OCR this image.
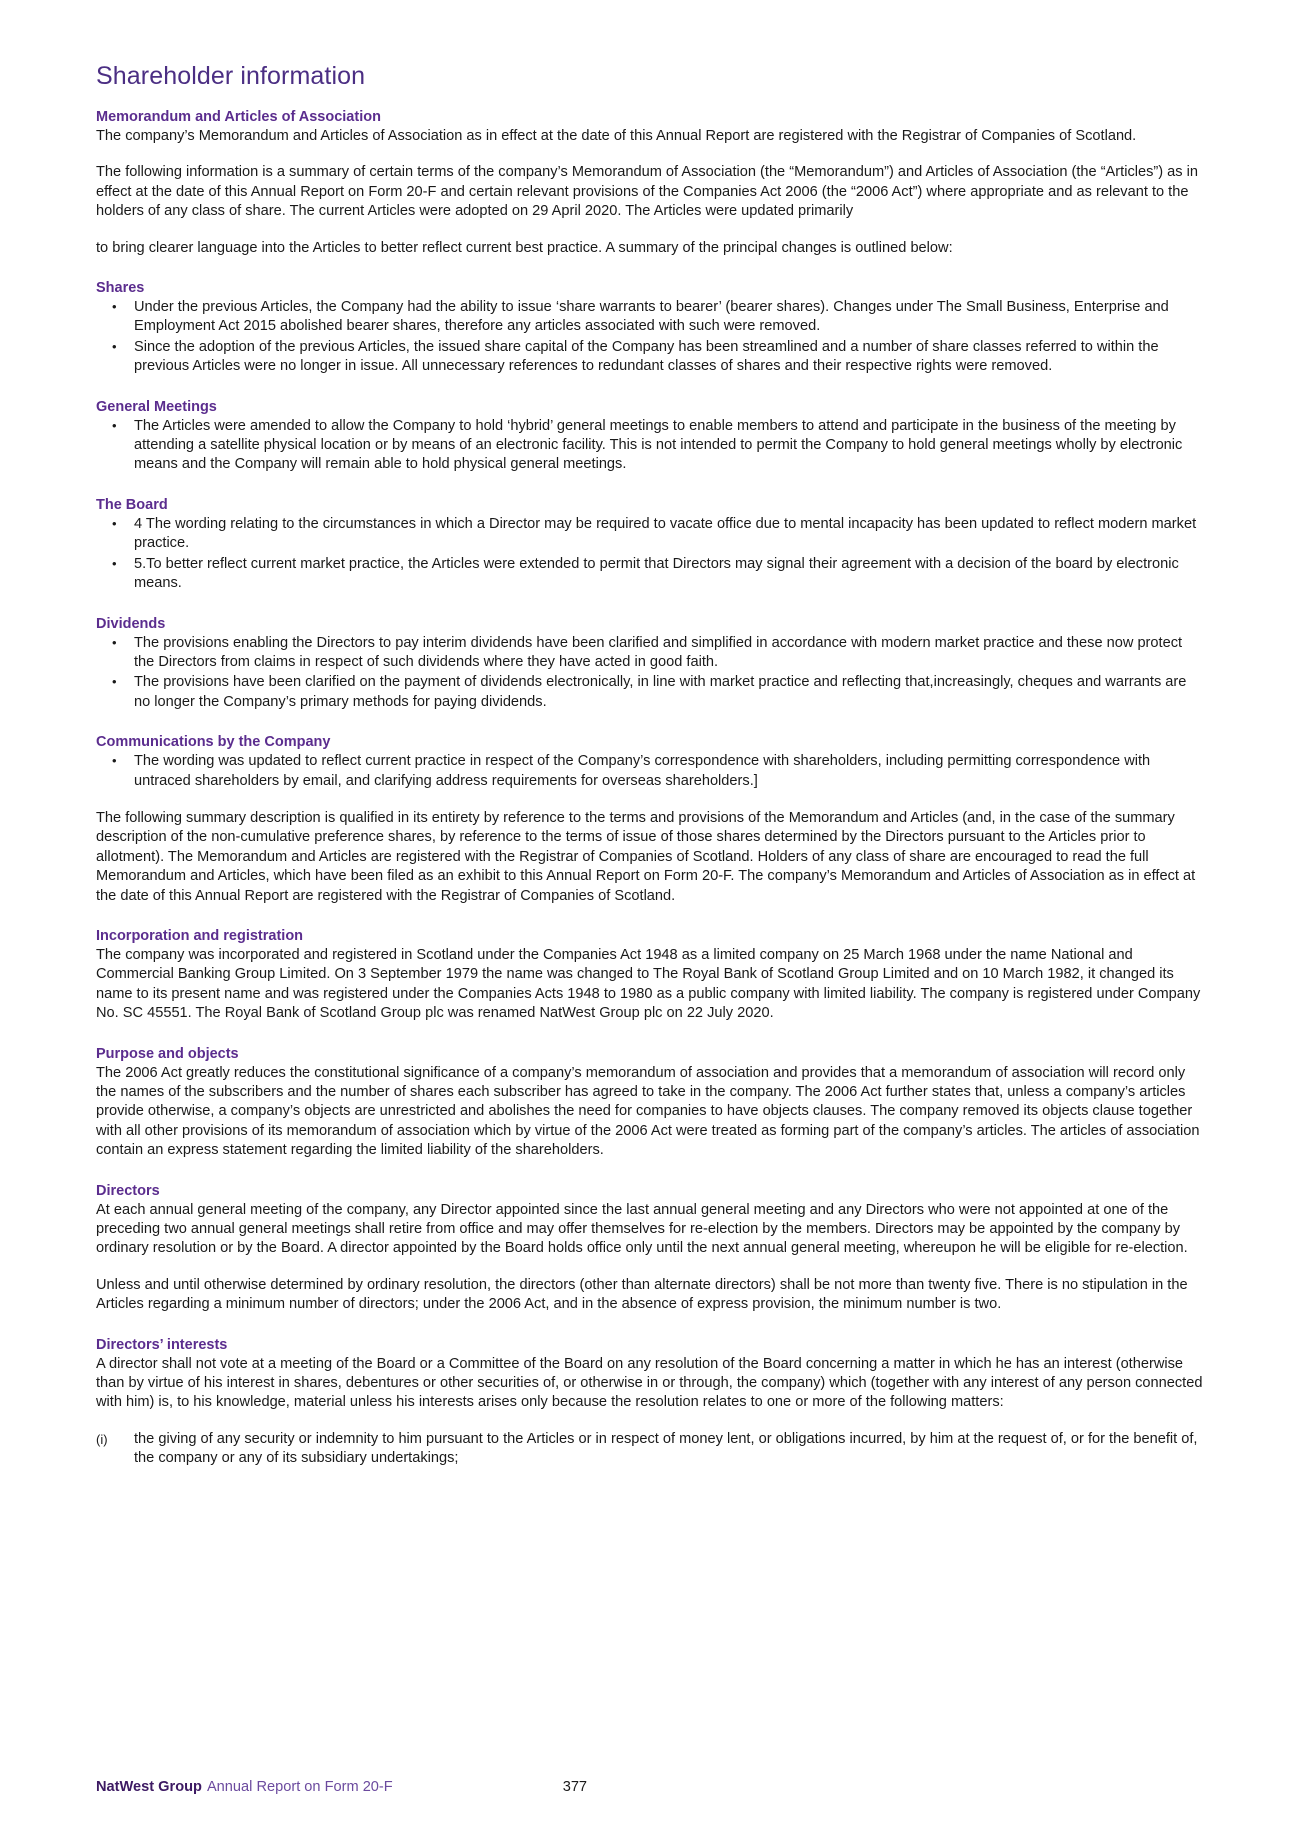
Shareholder information
Memorandum and Articles of Association

The company’s Memorandum and Articles of Association as in effect at the date of this Annual Report are registered with the Registrar of Companies of Scotland.

The following information is a summary of certain terms of the company’s Memorandum of Association (the “Memorandum”) and Articles of Association (the “Articles”) as in effect at the date of this Annual Report on Form 20-F and certain relevant provisions of the Companies Act 2006 (the “2006 Act”) where appropriate and as relevant to the holders of any class of share. The current Articles were adopted on 29 April 2020. The Articles were updated primarily

to bring clearer language into the Articles to better reflect current best practice. A summary of the principal changes is outlined below:

Shares
• Under the previous Articles, the Company had the ability to issue ‘share warrants to bearer’ (bearer shares). Changes under The Small Business, Enterprise and Employment Act 2015 abolished bearer shares, therefore any articles associated with such were removed.
• Since the adoption of the previous Articles, the issued share capital of the Company has been streamlined and a number of share classes referred to within the previous Articles were no longer in issue. All unnecessary references to redundant classes of shares and their respective rights were removed.
General Meetings
• The Articles were amended to allow the Company to hold ‘hybrid’ general meetings to enable members to attend and participate in the business of the meeting by attending a satellite physical location or by means of an electronic facility. This is not intended to permit the Company to hold general meetings wholly by electronic means and the Company will remain able to hold physical general meetings.
The Board
• 4 The wording relating to the circumstances in which a Director may be required to vacate office due to mental incapacity has been updated to reflect modern market practice.
• 5.To better reflect current market practice, the Articles were extended to permit that Directors may signal their agreement with a decision of the board by electronic means.
Dividends
• The provisions enabling the Directors to pay interim dividends have been clarified and simplified in accordance with modern market practice and these now protect the Directors from claims in respect of such dividends where they have acted in good faith.
• The provisions have been clarified on the payment of dividends electronically, in line with market practice and reflecting that,increasingly, cheques and warrants are no longer the Company’s primary methods for paying dividends.
Communications by the Company
• The wording was updated to reflect current practice in respect of the Company’s correspondence with shareholders, including permitting correspondence with untraced shareholders by email, and clarifying address requirements for overseas shareholders.]

The following summary description is qualified in its entirety by reference to the terms and provisions of the Memorandum and Articles (and, in the case of the summary description of the non-cumulative preference shares, by reference to the terms of issue of those shares determined by the Directors pursuant to the Articles prior to allotment). The Memorandum and Articles are registered with the Registrar of Companies of Scotland. Holders of any class of share are encouraged to read the full Memorandum and Articles, which have been filed as an exhibit to this Annual Report on Form 20-F. The company’s Memorandum and Articles of Association as in effect at the date of this Annual Report are registered with the Registrar of Companies of Scotland.

Incorporation and registration

The company was incorporated and registered in Scotland under the Companies Act 1948 as a limited company on 25 March 1968 under the name National and Commercial Banking Group Limited. On 3 September 1979 the name was changed to The Royal Bank of Scotland Group Limited and on 10 March 1982, it changed its name to its present name and was registered under the Companies Acts 1948 to 1980 as a public company with limited liability. The company is registered under Company No. SC 45551. The Royal Bank of Scotland Group plc was renamed NatWest Group plc on 22 July 2020.

Purpose and objects

The 2006 Act greatly reduces the constitutional significance of a company’s memorandum of association and provides that a memorandum of association will record only the names of the subscribers and the number of shares each subscriber has agreed to take in the company. The 2006 Act further states that, unless a company’s articles provide otherwise, a company’s objects are unrestricted and abolishes the need for companies to have objects clauses. The company removed its objects clause together with all other provisions of its memorandum of association which by virtue of the 2006 Act were treated as forming part of the company’s articles. The articles of association contain an express statement regarding the limited liability of the shareholders.

Directors

At each annual general meeting of the company, any Director appointed since the last annual general meeting and any Directors who were not appointed at one of the preceding two annual general meetings shall retire from office and may offer themselves for re-election by the members. Directors may be appointed by the company by ordinary resolution or by the Board. A director appointed by the Board holds office only until the next annual general meeting, whereupon he will be eligible for re-election.

Unless and until otherwise determined by ordinary resolution, the directors (other than alternate directors) shall be not more than twenty five. There is no stipulation in the Articles regarding a minimum number of directors; under the 2006 Act, and in the absence of express provision, the minimum number is two.

Directors’ interests

A director shall not vote at a meeting of the Board or a Committee of the Board on any resolution of the Board concerning a matter in which he has an interest (otherwise than by virtue of his interest in shares, debentures or other securities of, or otherwise in or through, the company) which (together with any interest of any person connected with him) is, to his knowledge, material unless his interests arises only because the resolution relates to one or more of the following matters:

(i) the giving of any security or indemnity to him pursuant to the Articles or in respect of money lent, or obligations incurred, by him at the request of, or for the benefit of, the company or any of its subsidiary undertakings;
NatWest Group Annual Report on Form 20-F	377
